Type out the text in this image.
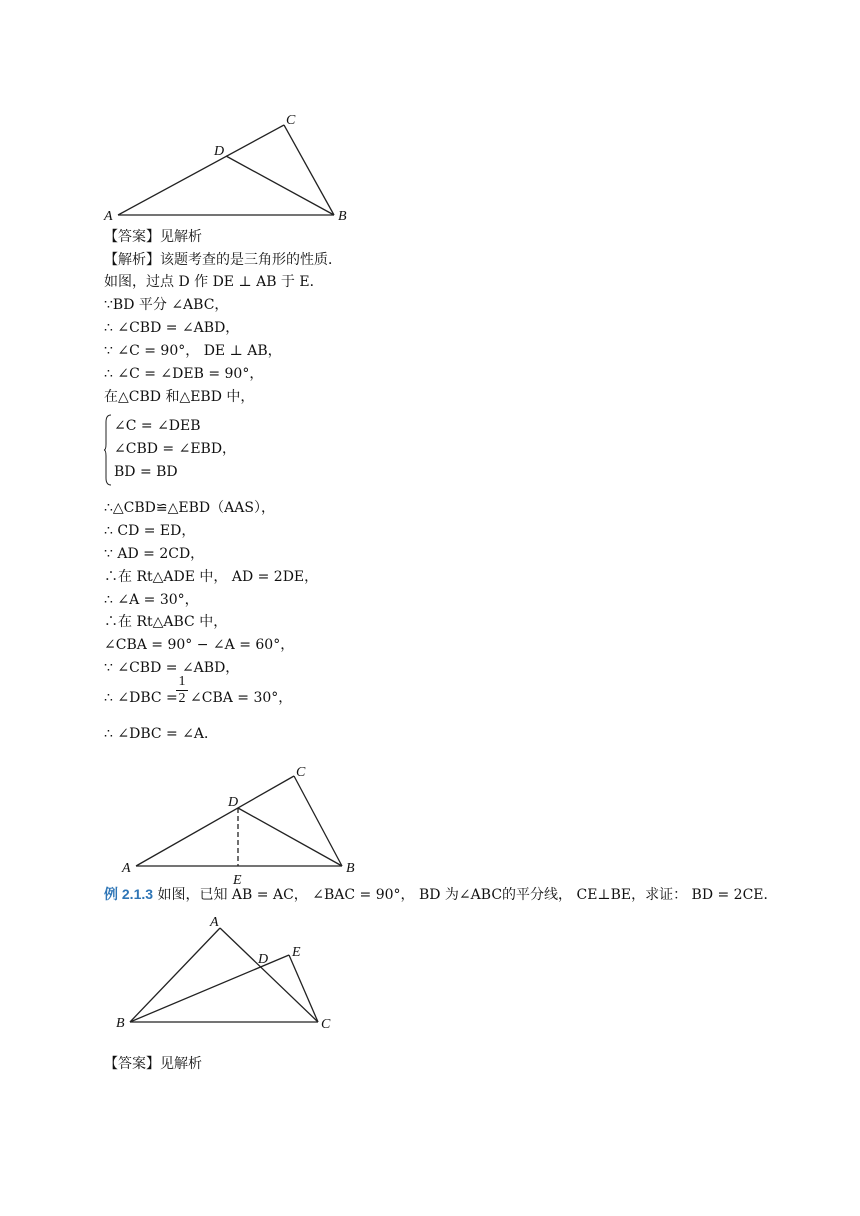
A	B
C
D
【答案】见解析
【解析】该题考查的是三角形的性质．
如图，过点 D 作 DE ⊥ AB 于 E．
∵BD 平分 ∠ABC，
∴ ∠CBD = ∠ABD，
∵ ∠C = 90°， DE ⊥ AB，
∴ ∠C = ∠DEB = 90°，
在△CBD 和△EBD 中，
∠C = ∠DEB
∠CBD = ∠EBD，
BD = BD
∴△CBD≌△EBD（AAS），
∴ CD = ED，
∵ AD = 2CD，
∴在 Rt△ADE 中， AD = 2DE，
∴ ∠A = 30°，
∴在 Rt△ABC 中，
∠CBA = 90° − ∠A = 60°，
∵ ∠CBD = ∠ABD，
∴ ∠DBC =
$\frac{1}{2}$ ∠CBA = 30°，
∴ ∠DBC = ∠A．
A	B
C
D
E
例 2.1.3 如图，已知 AB = AC， ∠BAC = 90°， BD 为∠ABC的平分线， CE⊥BE，求证： BD = 2CE．
A
B	C
D E
【答案】见解析
